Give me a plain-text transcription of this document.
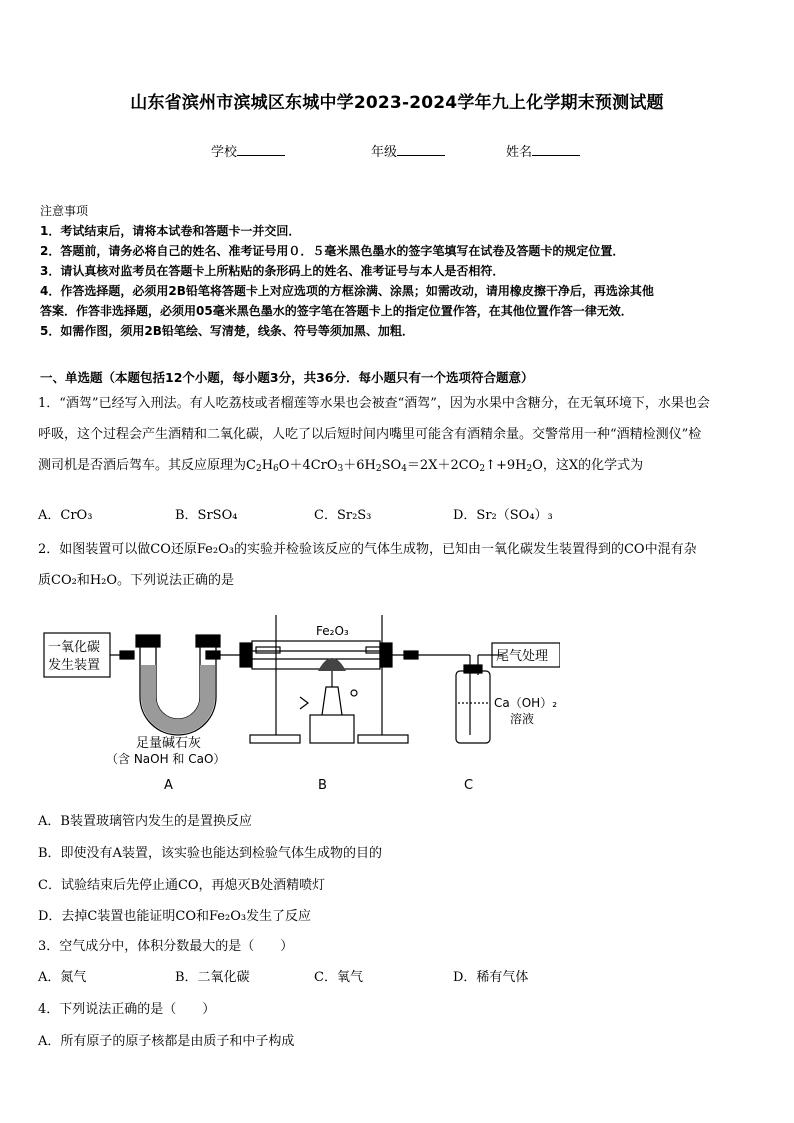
山东省滨州市滨城区东城中学2023-2024学年九上化学期末预测试题
学校	年级	姓名
注意事项
1．考试结束后，请将本试卷和答题卡一并交回．
2．答题前，请务必将自己的姓名、准考证号用０．５毫米黑色墨水的签字笔填写在试卷及答题卡的规定位置．
3．请认真核对监考员在答题卡上所粘贴的条形码上的姓名、准考证号与本人是否相符．
4．作答选择题，必须用2B铅笔将答题卡上对应选项的方框涂满、涂黑；如需改动，请用橡皮擦干净后，再选涂其他
答案．作答非选择题，必须用05毫米黑色墨水的签字笔在答题卡上的指定位置作答，在其他位置作答一律无效．
5．如需作图，须用2B铅笔绘、写清楚，线条、符号等须加黑、加粗．
一、单选题（本题包括12个小题，每小题3分，共36分．每小题只有一个选项符合题意）
1．“酒驾”已经写入刑法。有人吃荔枝或者榴莲等水果也会被查“酒驾”，因为水果中含糖分，在无氧环境下，水果也会
呼吸，这个过程会产生酒精和二氧化碳，人吃了以后短时间内嘴里可能含有酒精余量。交警常用一种“酒精检测仪”检
测司机是否酒后驾车。其反应原理为$C_2H_6O+4CrO_3+6H_2SO_4=2X+2CO_2↑+9H_2O$，这X的化学式为
A．CrO₃	B．SrSO₄	C．Sr₂S₃	D．Sr₂（SO₄）₃
2．如图装置可以做CO还原Fe₂O₃的实验并检验该反应的气体生成物，已知由一氧化碳发生装置得到的CO中混有杂
质CO₂和H₂O。下列说法正确的是
一氧化碳
发生装置
足量碱石灰
（含 NaOH 和 CaO）
Fe₂O₃
尾气处理
Ca（OH）₂
溶液
A	B	C
A．B装置玻璃管内发生的是置换反应
B．即使没有A装置，该实验也能达到检验气体生成物的目的
C．试验结束后先停止通CO，再熄灭B处酒精喷灯
D．去掉C装置也能证明CO和Fe₂O₃发生了反应
3．空气成分中，体积分数最大的是（　　）
A．氮气	B．二氧化碳	C．氧气	D．稀有气体
4．下列说法正确的是（　　）
A．所有原子的原子核都是由质子和中子构成
